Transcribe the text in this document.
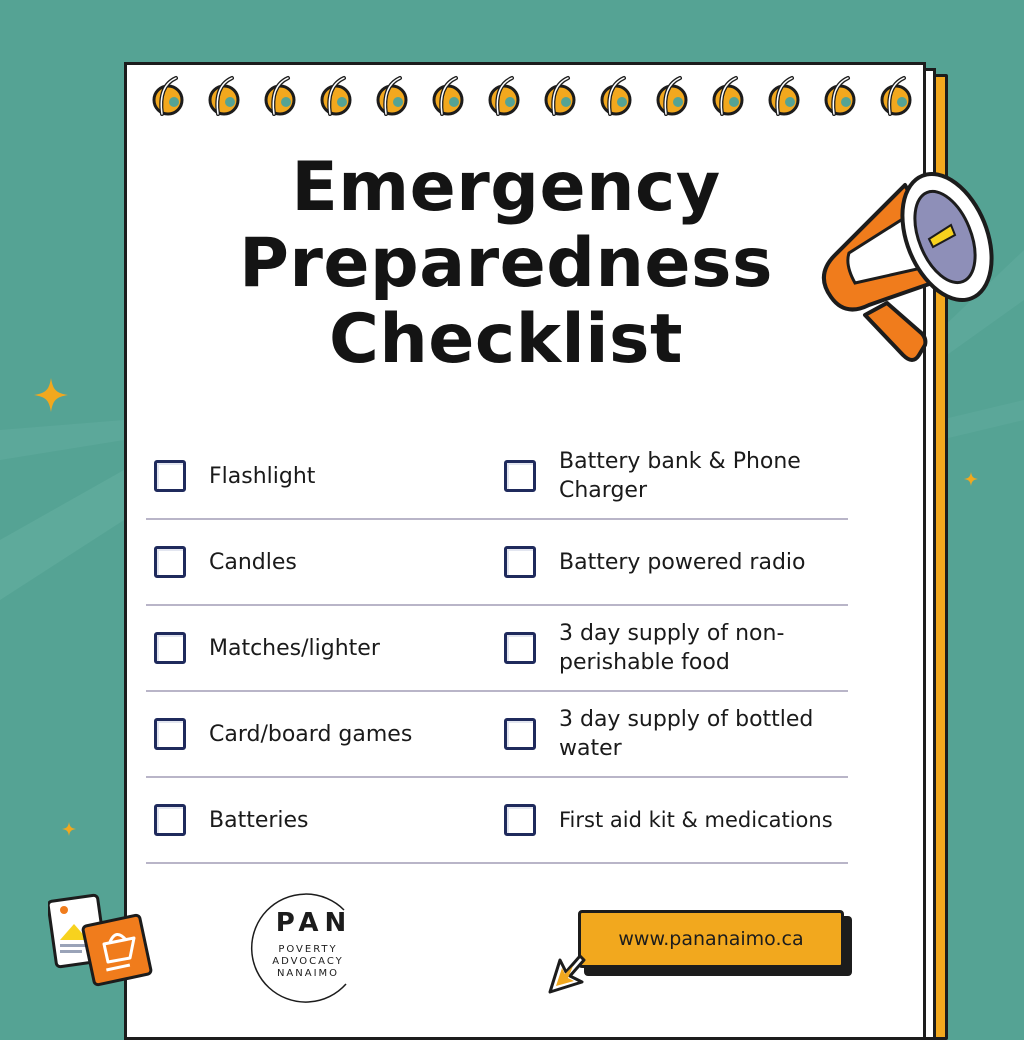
Emergency
Preparedness
Checklist
Flashlight
Battery bank & Phone Charger
Candles	Battery powered radio
Matches/lighter
3 day supply of non-perishable food
Card/board games
3 day supply of bottled water
Batteries	First aid kit & medications
PAN
POVERTY
ADVOCACY
NANAIMO
www.pananaimo.ca
